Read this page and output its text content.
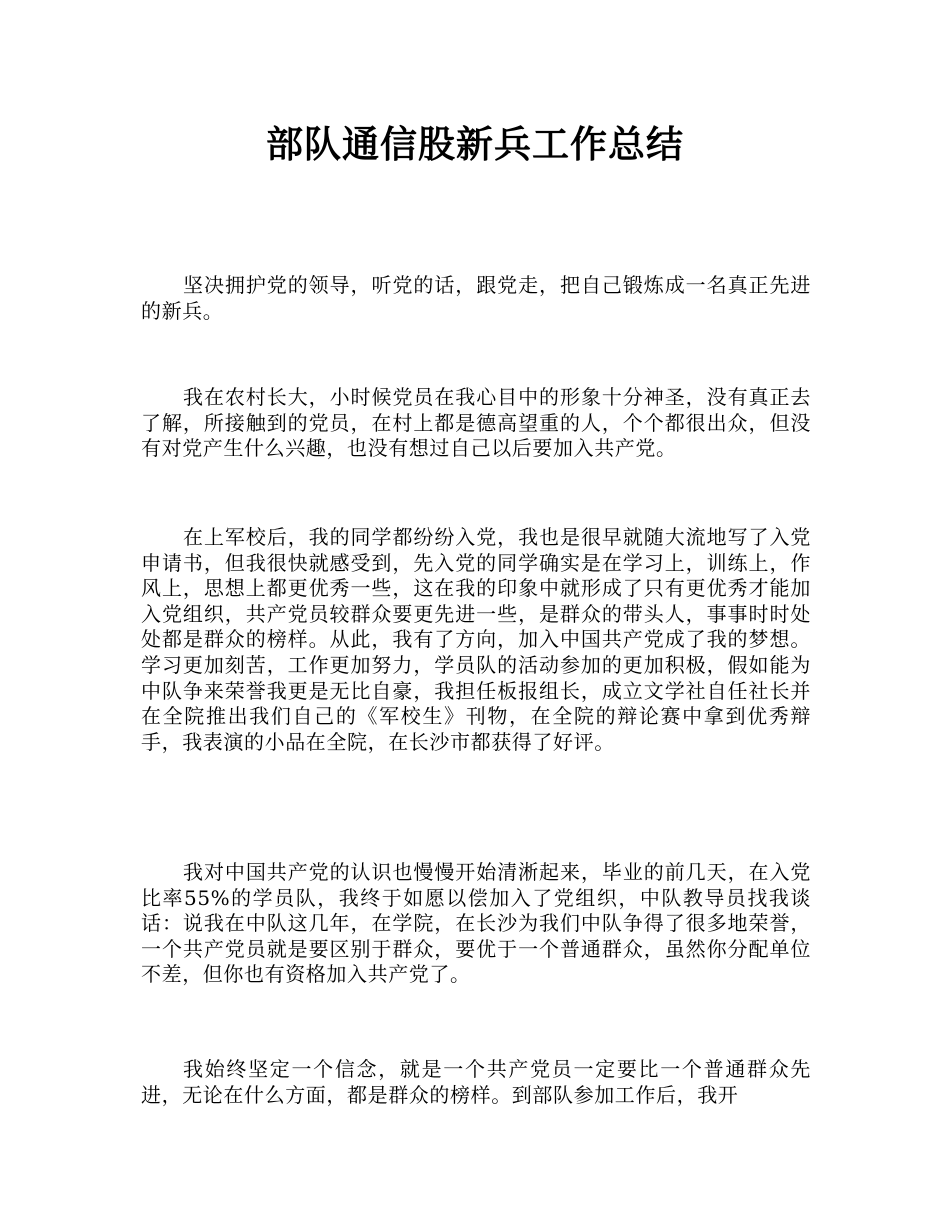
部队通信股新兵工作总结

坚决拥护党的领导，听党的话，跟党走，把自己锻炼成一名真正先进的新兵。

我在农村长大，小时候党员在我心目中的形象十分神圣，没有真正去了解，所接触到的党员，在村上都是德高望重的人，个个都很出众，但没有对党产生什么兴趣，也没有想过自己以后要加入共产党。

在上军校后，我的同学都纷纷入党，我也是很早就随大流地写了入党申请书，但我很快就感受到，先入党的同学确实是在学习上，训练上，作风上，思想上都更优秀一些，这在我的印象中就形成了只有更优秀才能加入党组织，共产党员较群众要更先进一些，是群众的带头人，事事时时处处都是群众的榜样。从此，我有了方向，加入中国共产党成了我的梦想。学习更加刻苦，工作更加努力，学员队的活动参加的更加积极，假如能为中队争来荣誉我更是无比自豪，我担任板报组长，成立文学社自任社长并在全院推出我们自己的《军校生》刊物，在全院的辩论赛中拿到优秀辩手，我表演的小品在全院，在长沙市都获得了好评。

我对中国共产党的认识也慢慢开始清淅起来，毕业的前几天，在入党比率55%的学员队，我终于如愿以偿加入了党组织，中队教导员找我谈话：说我在中队这几年，在学院，在长沙为我们中队争得了很多地荣誉，一个共产党员就是要区别于群众，要优于一个普通群众，虽然你分配单位不差，但你也有资格加入共产党了。

我始终坚定一个信念，就是一个共产党员一定要比一个普通群众先进，无论在什么方面，都是群众的榜样。到部队参加工作后，我开
